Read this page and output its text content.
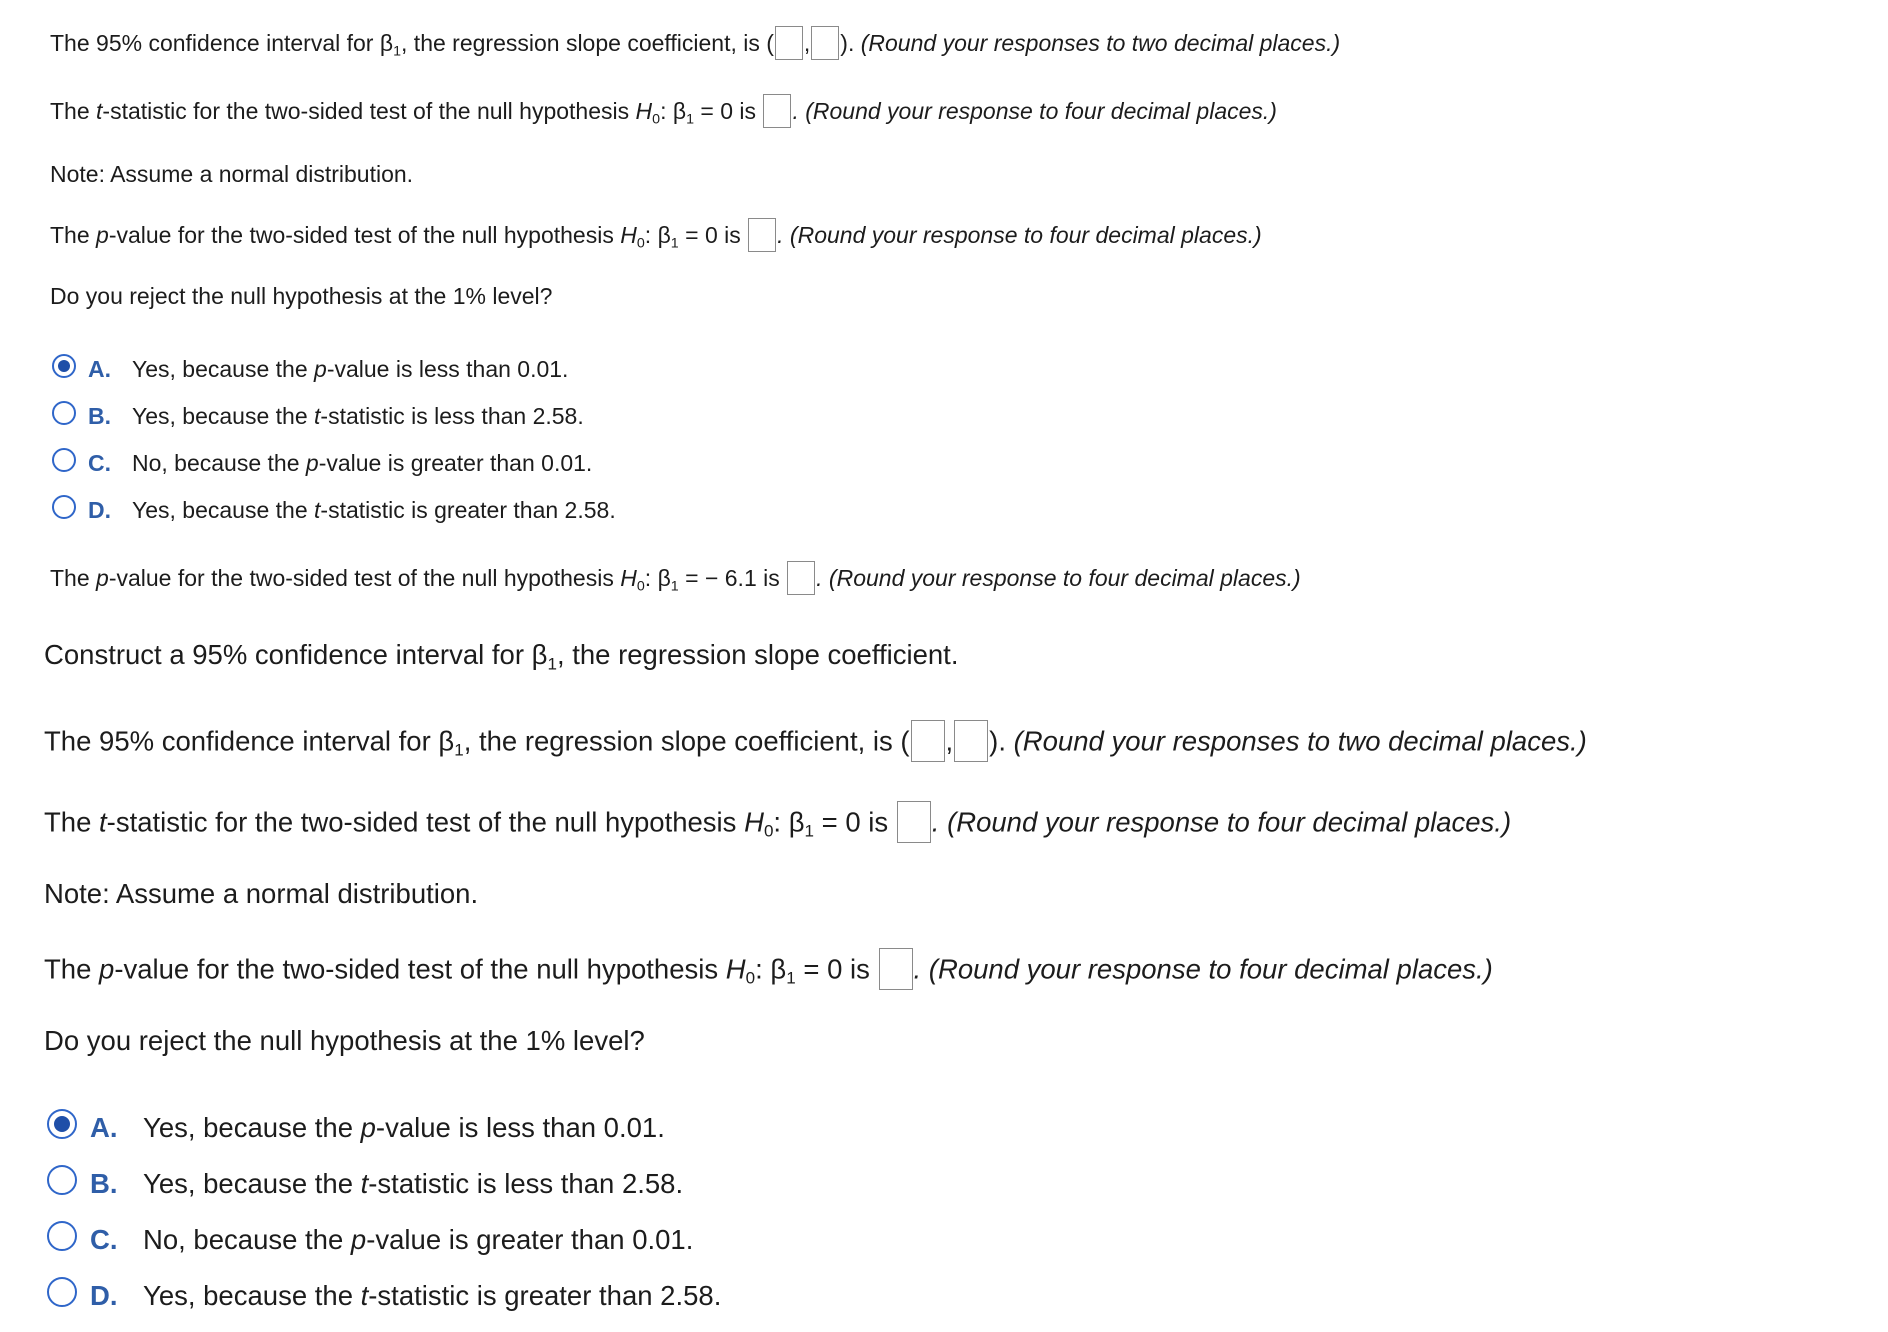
The 95% confidence interval for $\beta_1$, the regression slope coefficient, is ( , ). (Round your responses to two decimal places.)
The t-statistic for the two-sided test of the null hypothesis $H_0$: $\beta_1 = 0$ is . (Round your response to four decimal places.)
Note: Assume a normal distribution.
The p-value for the two-sided test of the null hypothesis $H_0$: $\beta_1 = 0$ is . (Round your response to four decimal places.)
Do you reject the null hypothesis at the 1% level?
A. Yes, because the p-value is less than 0.01.
B. Yes, because the t-statistic is less than 2.58.
C. No, because the p-value is greater than 0.01.
D. Yes, because the t-statistic is greater than 2.58.
The p-value for the two-sided test of the null hypothesis $H_0$: $\beta_1$ = − 6.1 is . (Round your response to four decimal places.)
Construct a 95% confidence interval for $\beta_1$, the regression slope coefficient.
The 95% confidence interval for $\beta_1$, the regression slope coefficient, is ( , ). (Round your responses to two decimal places.)
The t-statistic for the two-sided test of the null hypothesis $H_0$: $\beta_1 = 0$ is . (Round your response to four decimal places.)
Note: Assume a normal distribution.
The p-value for the two-sided test of the null hypothesis $H_0$: $\beta_1 = 0$ is . (Round your response to four decimal places.)
Do you reject the null hypothesis at the 1% level?
A. Yes, because the p-value is less than 0.01.
B. Yes, because the t-statistic is less than 2.58.
C. No, because the p-value is greater than 0.01.
D. Yes, because the t-statistic is greater than 2.58.
